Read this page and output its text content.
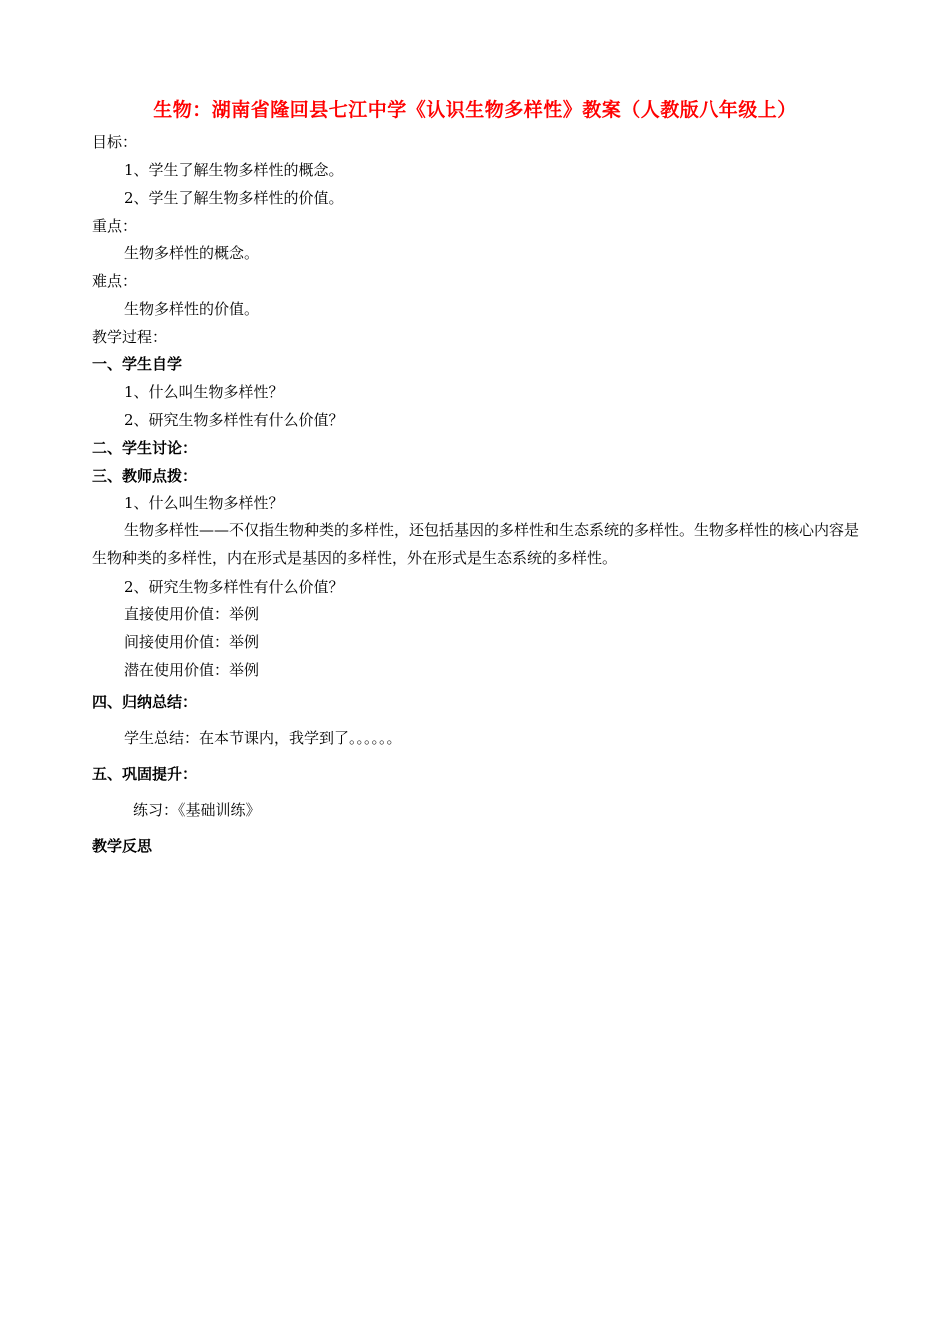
生物：湖南省隆回县七江中学《认识生物多样性》教案（人教版八年级上）
目标：
1、学生了解生物多样性的概念。
2、学生了解生物多样性的价值。
重点：
生物多样性的概念。
难点：
生物多样性的价值。
教学过程：
一、学生自学
1、什么叫生物多样性？
2、研究生物多样性有什么价值？
二、学生讨论：
三、教师点拨：
1、什么叫生物多样性？
生物多样性——不仅指生物种类的多样性，还包括基因的多样性和生态系统的多样性。生物多样性的核心内容是生物种类的多样性，内在形式是基因的多样性，外在形式是生态系统的多样性。
2、研究生物多样性有什么价值？
直接使用价值：举例
间接使用价值：举例
潜在使用价值：举例
四、归纳总结：
学生总结：在本节课内，我学到了。。。。。。
五、巩固提升：
练习：《基础训练》
教学反思
